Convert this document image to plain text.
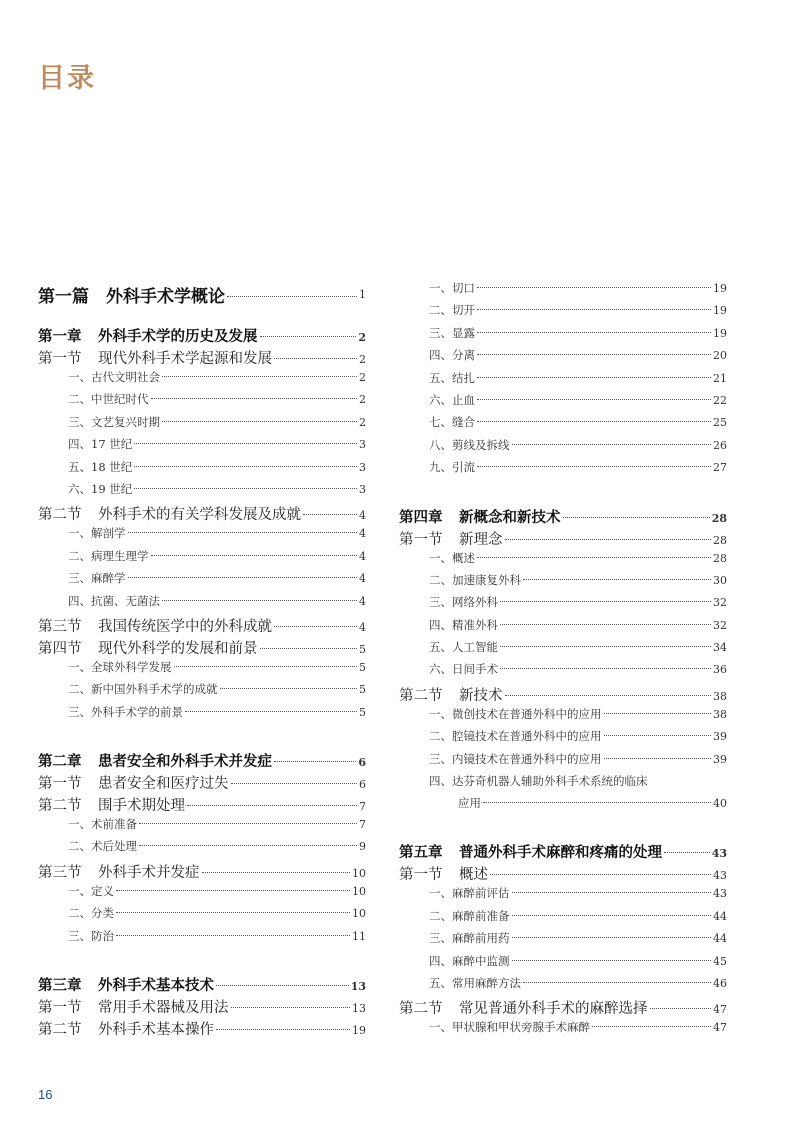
目录
第一篇　外科手术学概论	1
第一章 外科手术学的历史及发展	2
第一节 现代外科手术学起源和发展	2
一、古代文明社会	2
二、中世纪时代	2
三、文艺复兴时期	2
四、17 世纪	3
五、18 世纪	3
六、19 世纪	3
第二节 外科手术的有关学科发展及成就	4
一、解剖学	4
二、病理生理学	4
三、麻醉学	4
四、抗菌、无菌法	4
第三节 我国传统医学中的外科成就	4
第四节 现代外科学的发展和前景	5
一、全球外科学发展	5
二、新中国外科手术学的成就	5
三、外科手术学的前景	5
第二章 患者安全和外科手术并发症	6
第一节 患者安全和医疗过失	6
第二节 围手术期处理	7
一、术前准备	7
二、术后处理	9
第三节 外科手术并发症	10
一、定义	10
二、分类	10
三、防治	11
第三章 外科手术基本技术	13
第一节 常用手术器械及用法	13
第二节 外科手术基本操作	19
一、切口	19
二、切开	19
三、显露	19
四、分离	20
五、结扎	21
六、止血	22
七、缝合	25
八、剪线及拆线	26
九、引流	27
第四章 新概念和新技术	28
第一节 新理念	28
一、概述	28
二、加速康复外科	30
三、网络外科	32
四、精准外科	32
五、人工智能	34
六、日间手术	36
第二节 新技术	38
一、微创技术在普通外科中的应用	38
二、腔镜技术在普通外科中的应用	39
三、内镜技术在普通外科中的应用	39
四、达芬奇机器人辅助外科手术系统的临床
应用	40
第五章 普通外科手术麻醉和疼痛的处理	43
第一节 概述	43
一、麻醉前评估	43
二、麻醉前准备	44
三、麻醉前用药	44
四、麻醉中监测	45
五、常用麻醉方法	46
第二节 常见普通外科手术的麻醉选择	47
一、甲状腺和甲状旁腺手术麻醉	47
16
